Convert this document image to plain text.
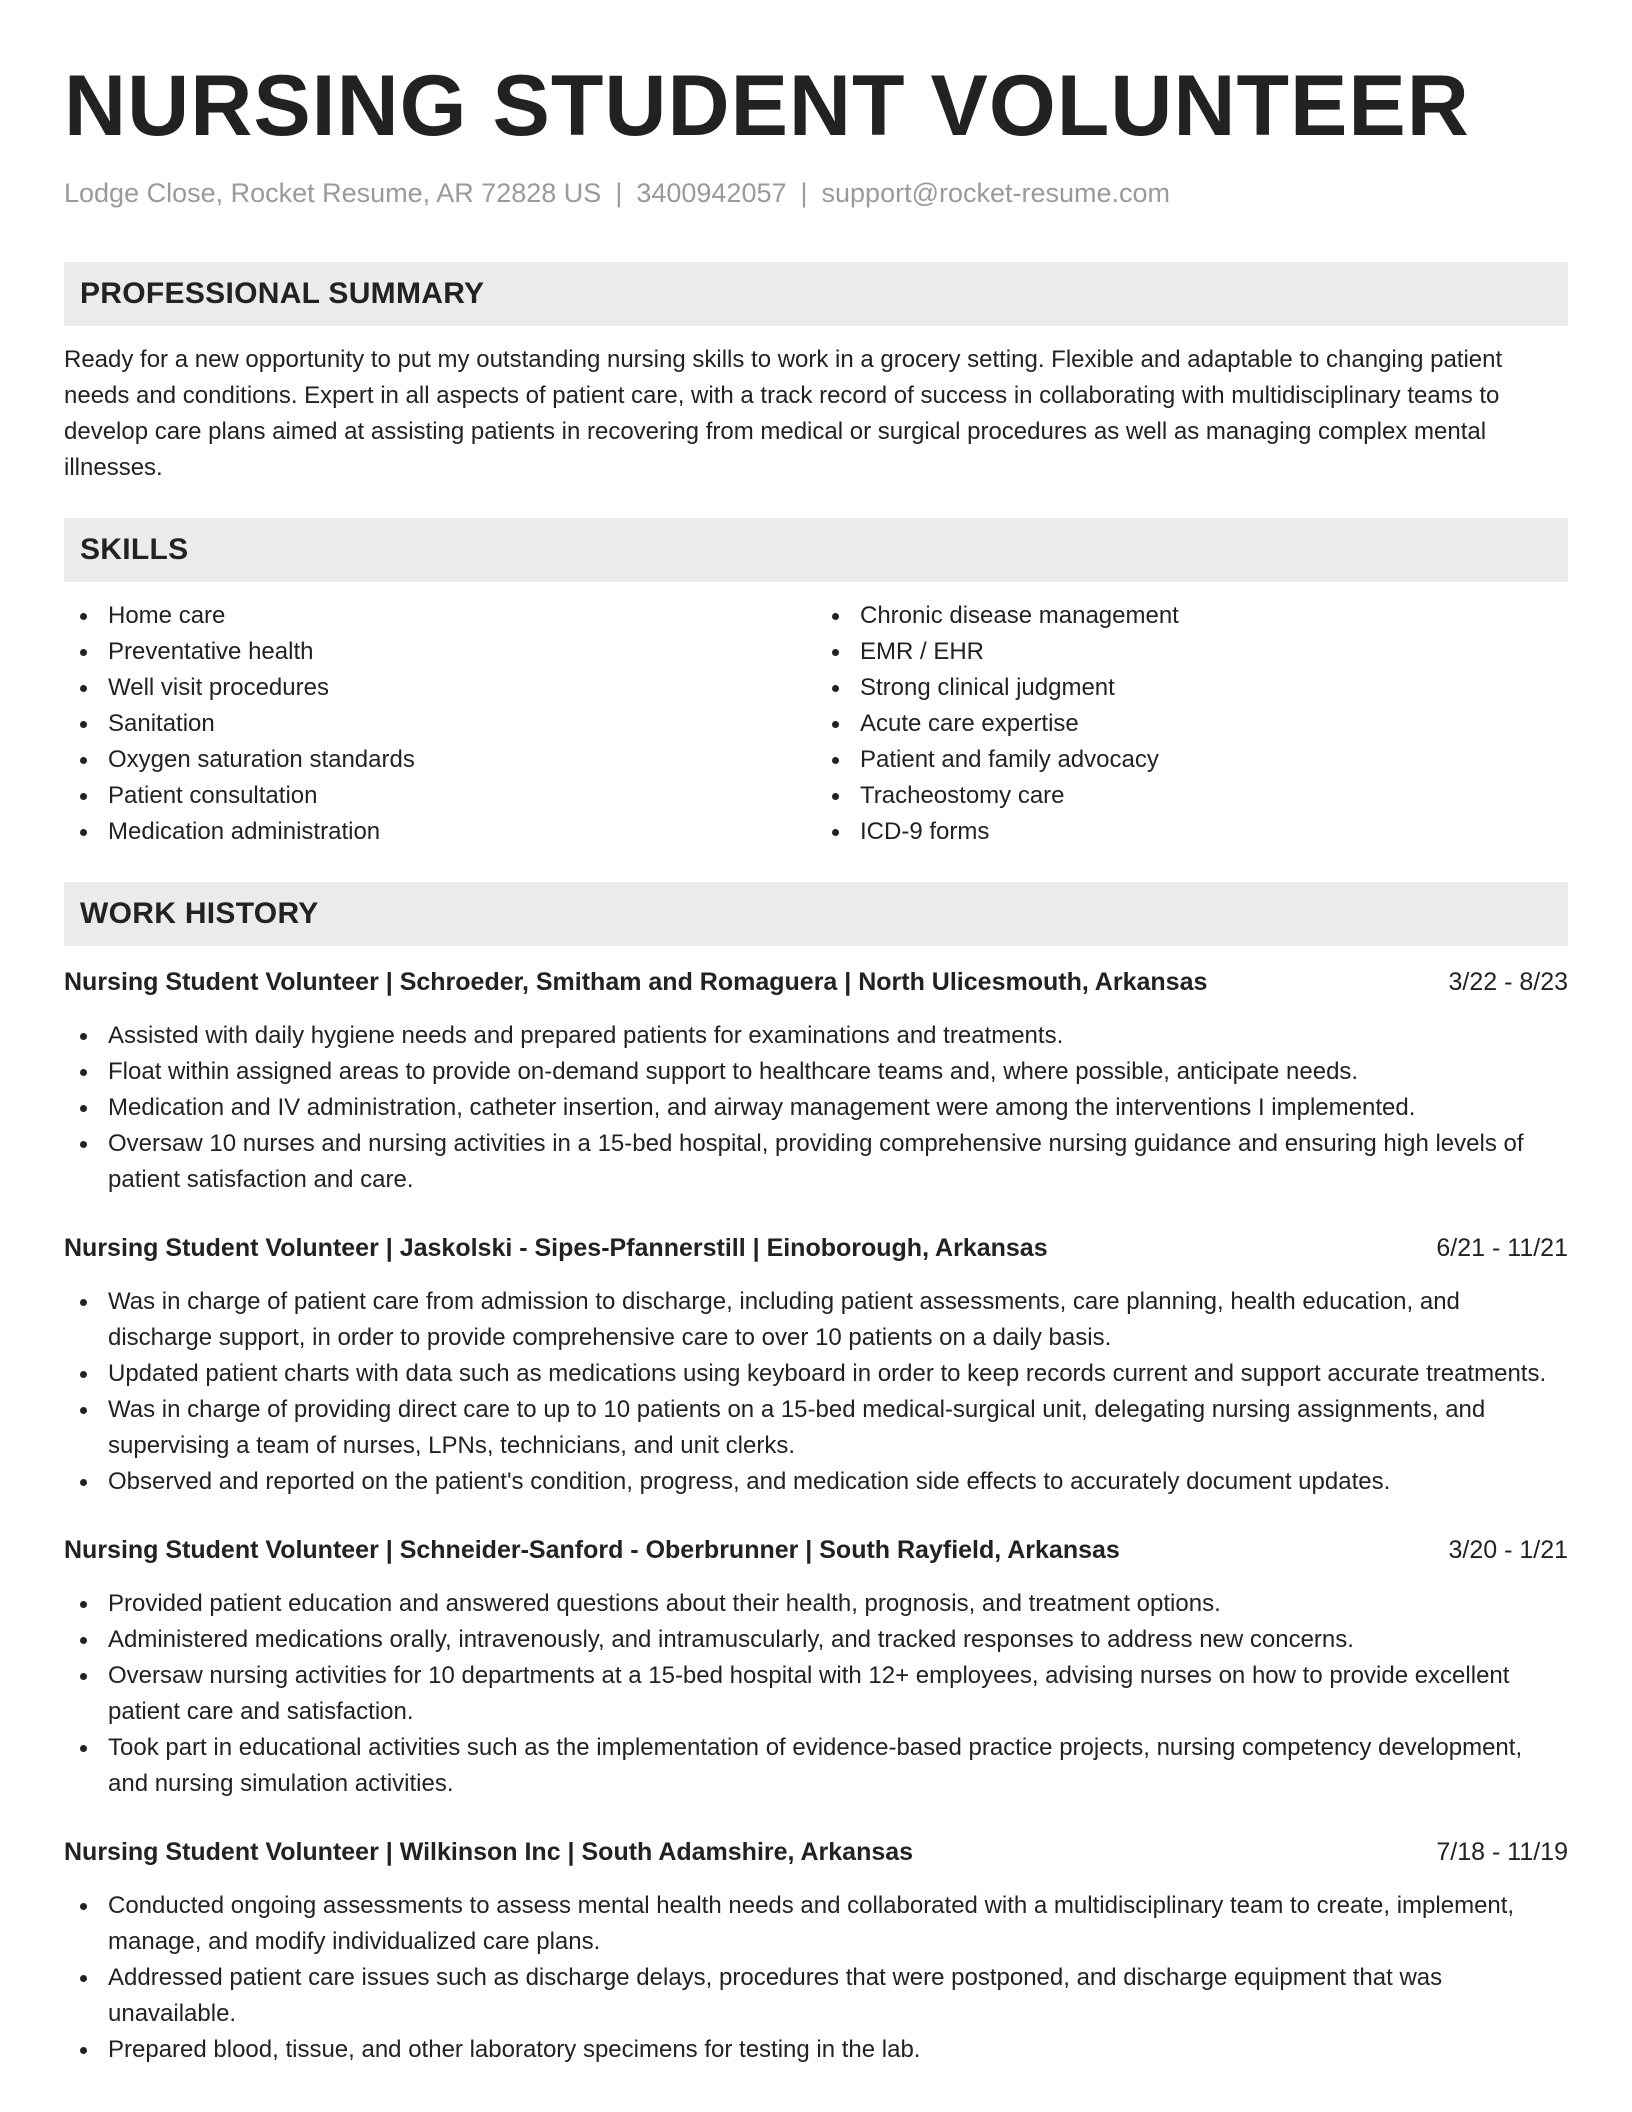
NURSING STUDENT VOLUNTEER
Lodge Close, Rocket Resume, AR 72828 US | 3400942057 | support@rocket-resume.com
PROFESSIONAL SUMMARY
Ready for a new opportunity to put my outstanding nursing skills to work in a grocery setting. Flexible and adaptable to changing patient needs and conditions. Expert in all aspects of patient care, with a track record of success in collaborating with multidisciplinary teams to develop care plans aimed at assisting patients in recovering from medical or surgical procedures as well as managing complex mental illnesses.
SKILLS
Home care
Preventative health
Well visit procedures
Sanitation
Oxygen saturation standards
Patient consultation
Medication administration
Chronic disease management
EMR / EHR
Strong clinical judgment
Acute care expertise
Patient and family advocacy
Tracheostomy care
ICD-9 forms
WORK HISTORY
Nursing Student Volunteer | Schroeder, Smitham and Romaguera | North Ulicesmouth, Arkansas	3/22 - 8/23
Assisted with daily hygiene needs and prepared patients for examinations and treatments.
Float within assigned areas to provide on-demand support to healthcare teams and, where possible, anticipate needs.
Medication and IV administration, catheter insertion, and airway management were among the interventions I implemented.
Oversaw 10 nurses and nursing activities in a 15-bed hospital, providing comprehensive nursing guidance and ensuring high levels of patient satisfaction and care.
Nursing Student Volunteer | Jaskolski - Sipes-Pfannerstill | Einoborough, Arkansas	6/21 - 11/21
Was in charge of patient care from admission to discharge, including patient assessments, care planning, health education, and discharge support, in order to provide comprehensive care to over 10 patients on a daily basis.
Updated patient charts with data such as medications using keyboard in order to keep records current and support accurate treatments.
Was in charge of providing direct care to up to 10 patients on a 15-bed medical-surgical unit, delegating nursing assignments, and supervising a team of nurses, LPNs, technicians, and unit clerks.
Observed and reported on the patient's condition, progress, and medication side effects to accurately document updates.
Nursing Student Volunteer | Schneider-Sanford - Oberbrunner | South Rayfield, Arkansas	3/20 - 1/21
Provided patient education and answered questions about their health, prognosis, and treatment options.
Administered medications orally, intravenously, and intramuscularly, and tracked responses to address new concerns.
Oversaw nursing activities for 10 departments at a 15-bed hospital with 12+ employees, advising nurses on how to provide excellent patient care and satisfaction.
Took part in educational activities such as the implementation of evidence-based practice projects, nursing competency development, and nursing simulation activities.
Nursing Student Volunteer | Wilkinson Inc | South Adamshire, Arkansas	7/18 - 11/19
Conducted ongoing assessments to assess mental health needs and collaborated with a multidisciplinary team to create, implement, manage, and modify individualized care plans.
Addressed patient care issues such as discharge delays, procedures that were postponed, and discharge equipment that was unavailable.
Prepared blood, tissue, and other laboratory specimens for testing in the lab.
